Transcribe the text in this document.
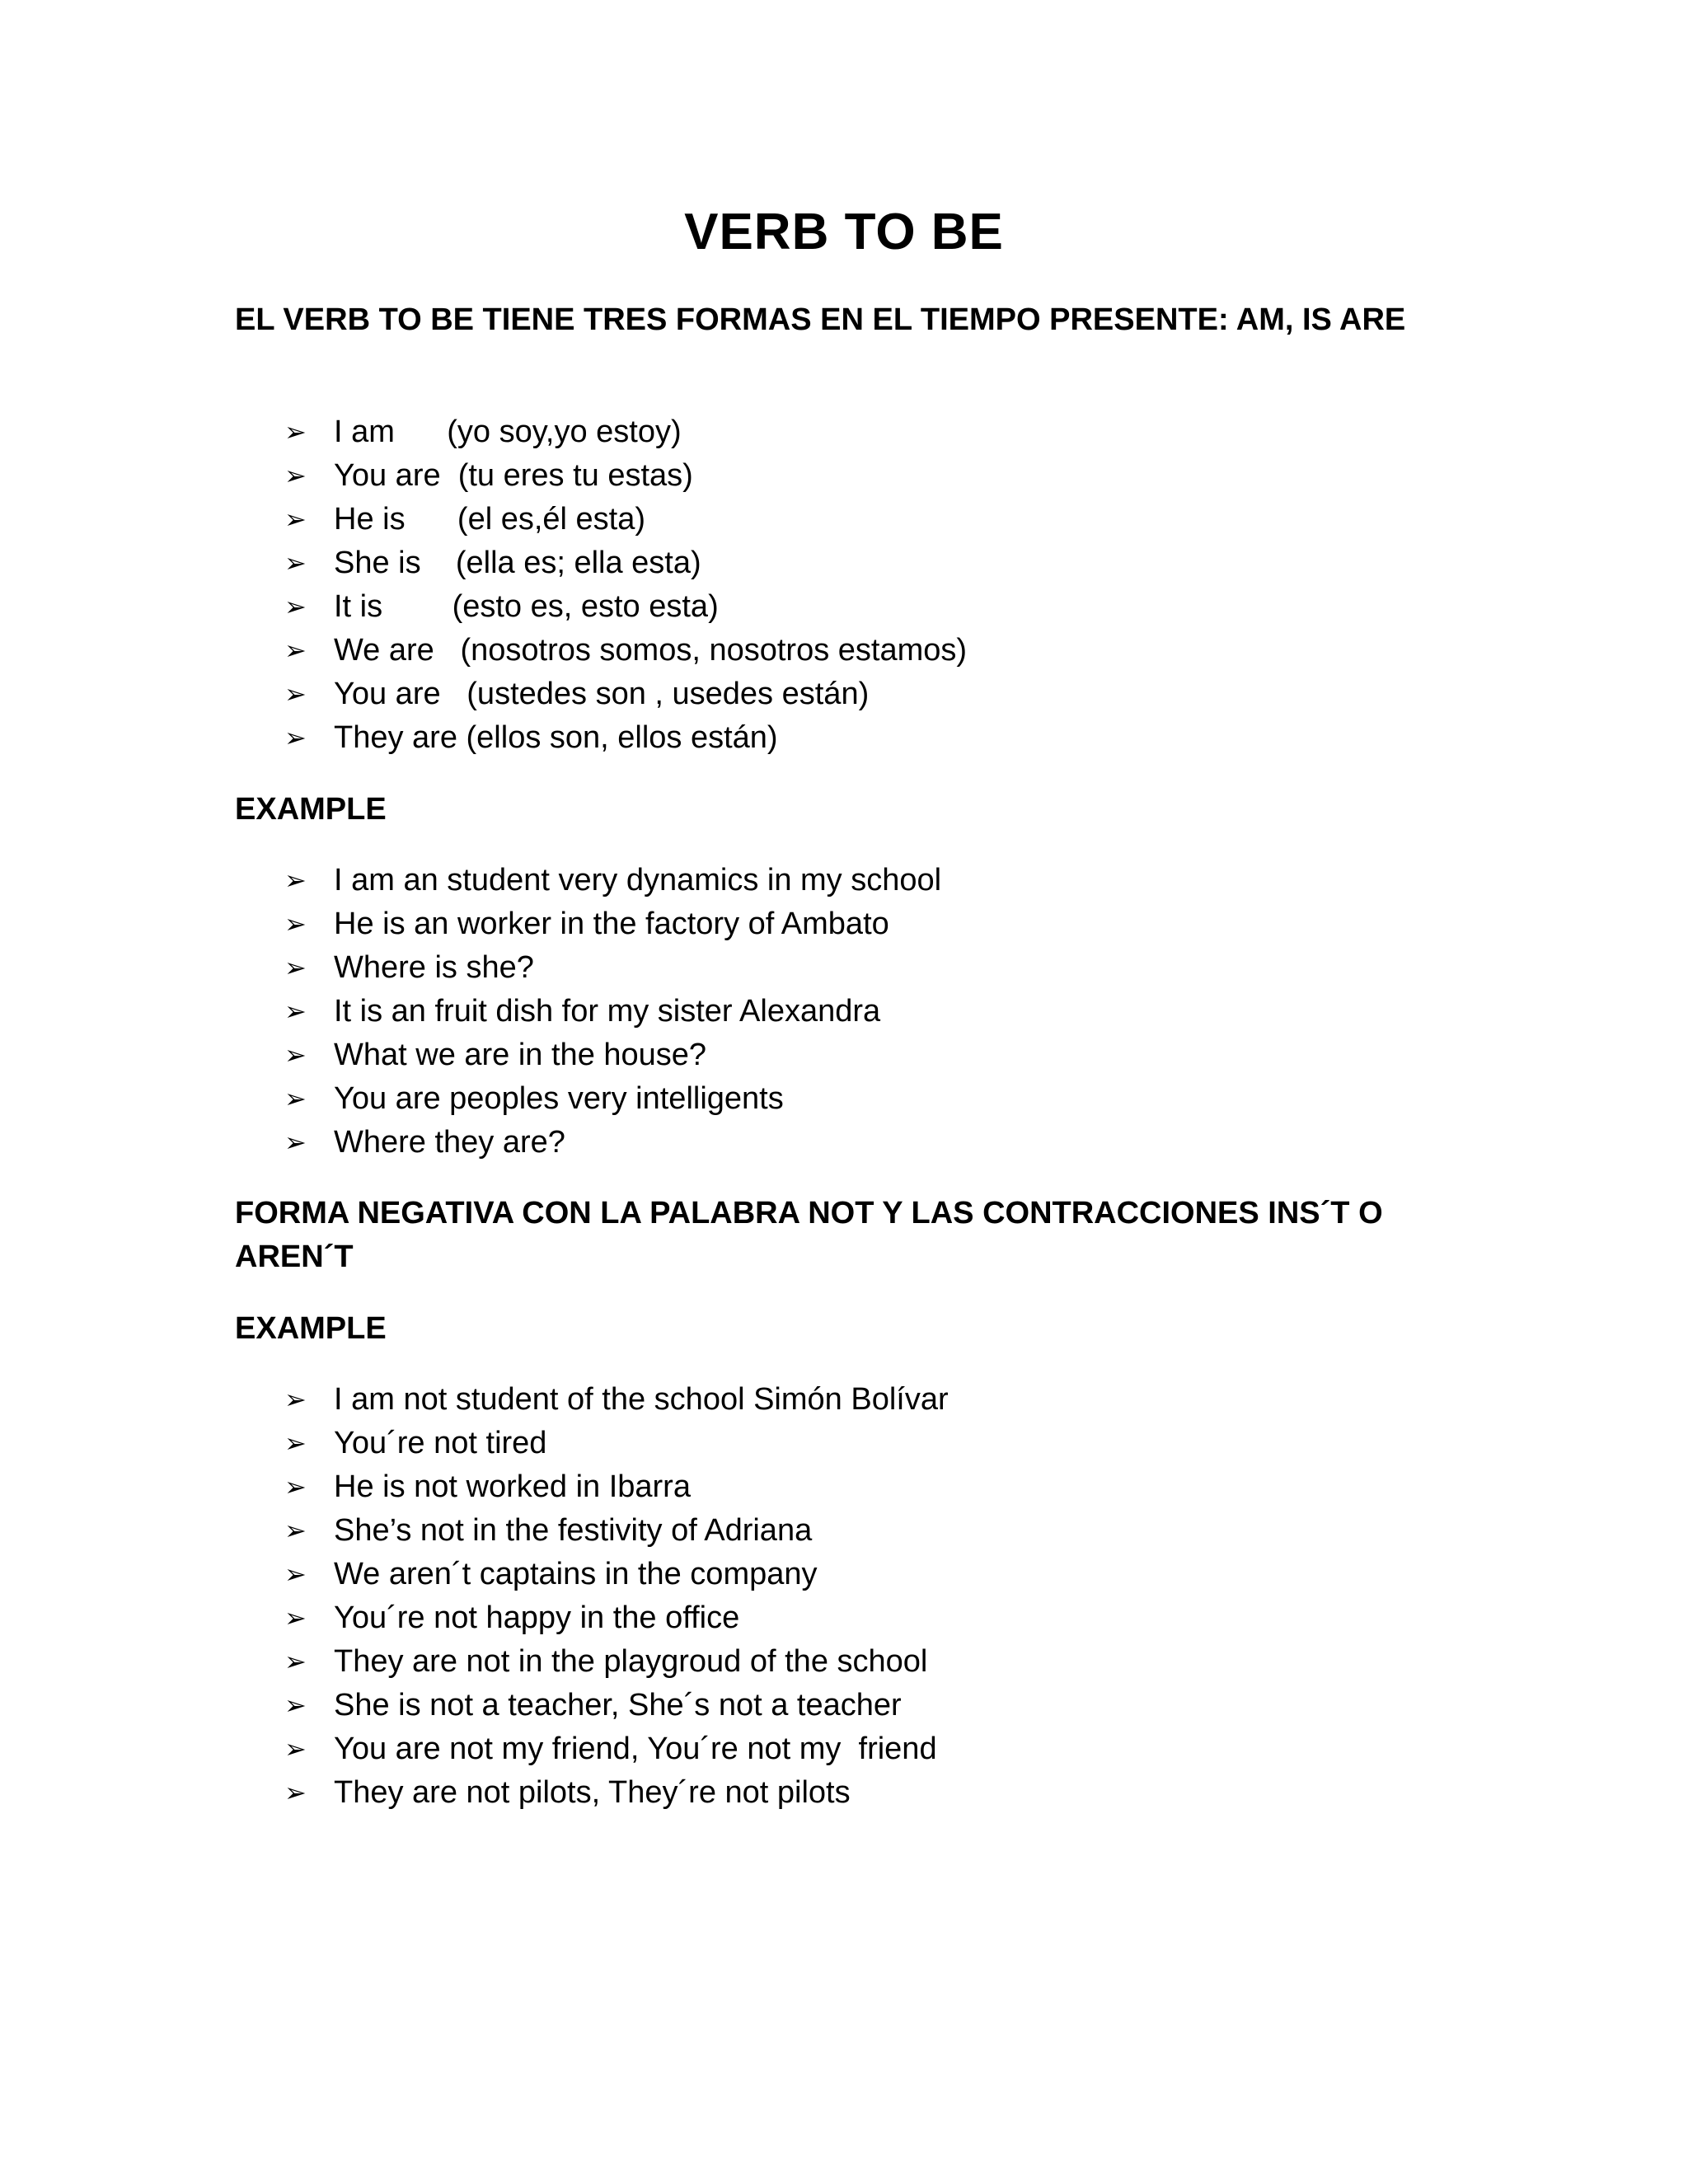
VERB TO BE

EL VERB TO BE TIENE TRES FORMAS EN EL TIEMPO PRESENTE: AM, IS ARE

➢ I am      (yo soy,yo estoy)
➢ You are  (tu eres tu estas)
➢ He is      (el es,él esta)
➢ She is    (ella es; ella esta)
➢ It is        (esto es, esto esta)
➢ We are   (nosotros somos, nosotros estamos)
➢ You are   (ustedes son , usedes están)
➢ They are (ellos son, ellos están)

EXAMPLE

➢ I am an student very dynamics in my school
➢ He is an worker in the factory of Ambato
➢ Where is she?
➢ It is an fruit dish for my sister Alexandra
➢ What we are in the house?
➢ You are peoples very intelligents
➢ Where they are?

FORMA NEGATIVA CON LA PALABRA NOT Y LAS CONTRACCIONES INS´T O AREN´T

EXAMPLE

➢ I am not student of the school Simón Bolívar
➢ You´re not tired
➢ He is not worked in Ibarra
➢ She’s not in the festivity of Adriana
➢ We aren´t captains in the company
➢ You´re not happy in the office
➢ They are not in the playgroud of the school
➢ She is not a teacher, She´s not a teacher
➢ You are not my friend, You´re not my  friend
➢ They are not pilots, They´re not pilots
